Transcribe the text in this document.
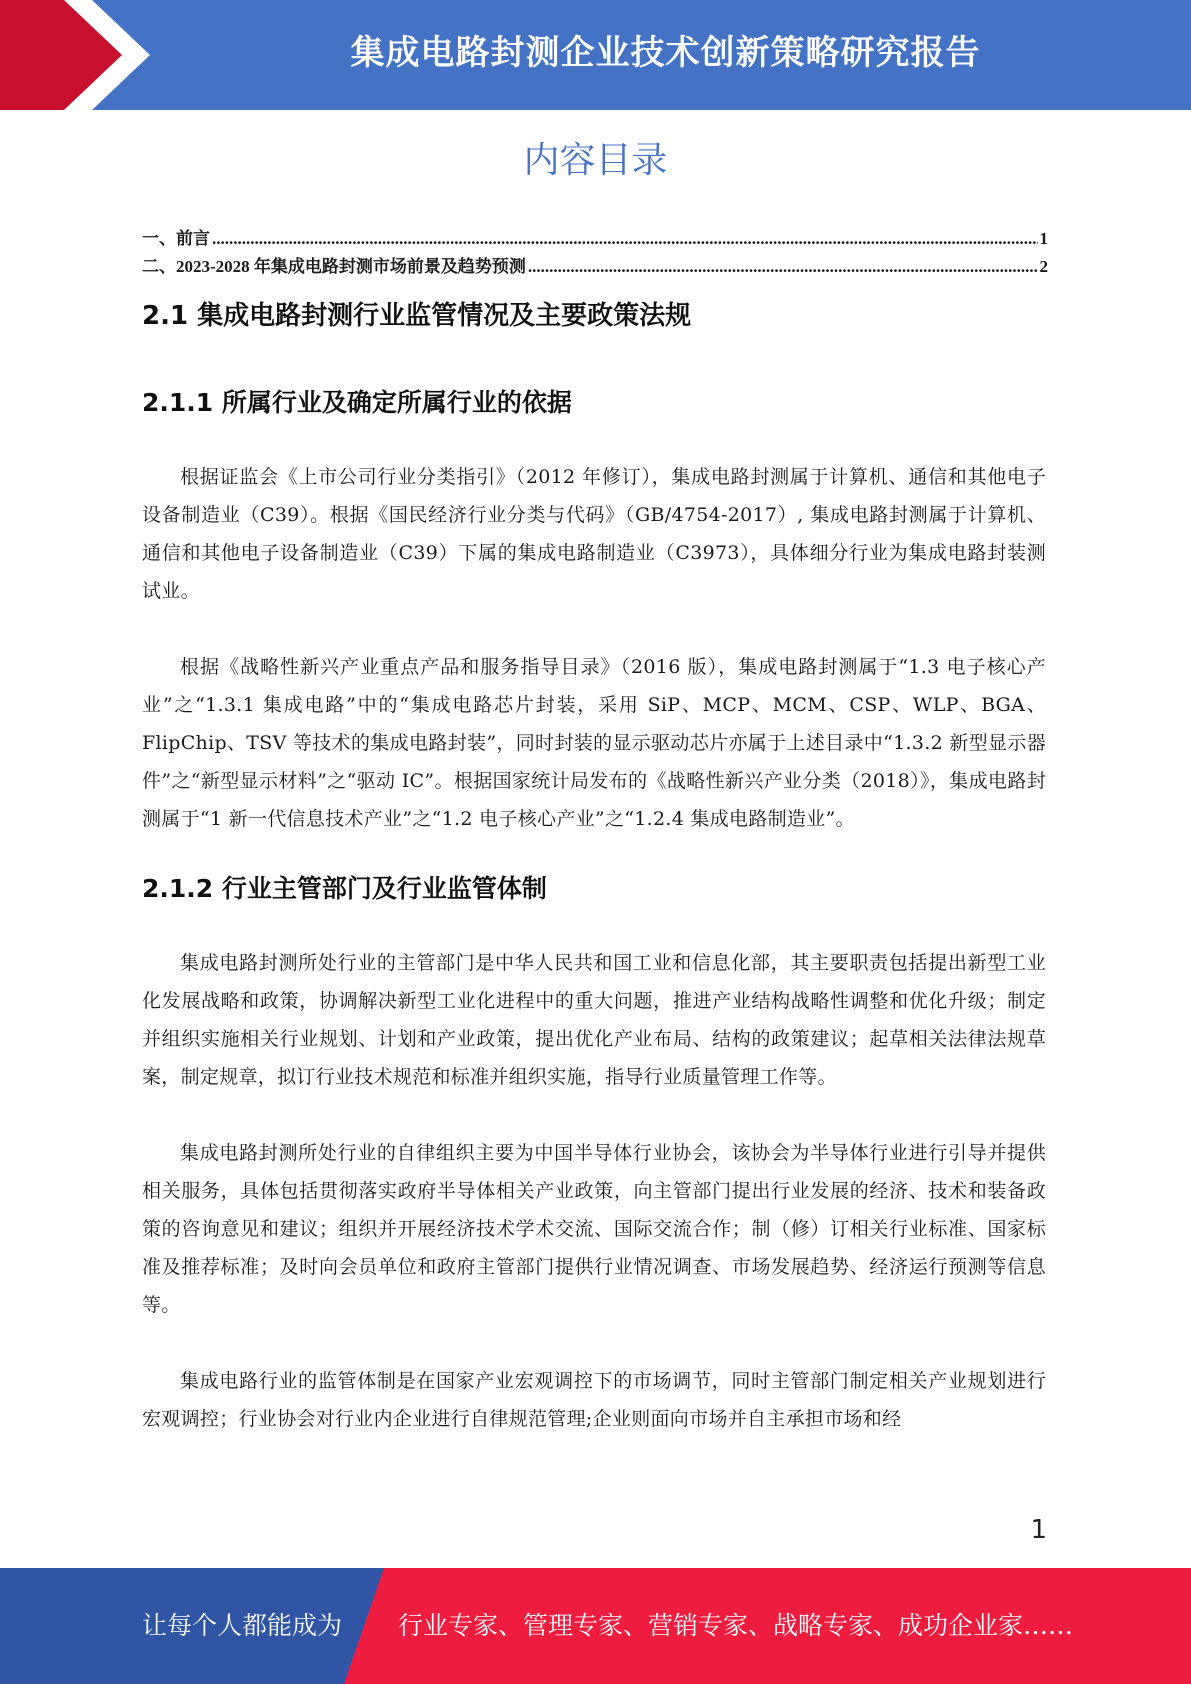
集成电路封测企业技术创新策略研究报告
内容目录
一、前言 .....	1
二、2023-2028 年集成电路封测市场前景及趋势预测 .....	2
2.1 集成电路封测行业监管情况及主要政策法规
2.1.1 所属行业及确定所属行业的依据

根据证监会《上市公司行业分类指引》（2012 年修订），集成电路封测属于计算机、通信和其他电子设备制造业（C39）。根据《国民经济行业分类与代码》（GB/4754-2017）, 集成电路封测属于计算机、通信和其他电子设备制造业（C39）下属的集成电路制造业（C3973），具体细分行业为集成电路封装测试业。

根据《战略性新兴产业重点产品和服务指导目录》（2016 版），集成电路封测属于“1.3 电子核心产业”之“1.3.1 集成电路”中的“集成电路芯片封装，采用 SiP、MCP、MCM、CSP、WLP、BGA、FlipChip、TSV 等技术的集成电路封装”，同时封装的显示驱动芯片亦属于上述目录中“1.3.2 新型显示器件”之“新型显示材料”之“驱动 IC”。根据国家统计局发布的《战略性新兴产业分类（2018）》，集成电路封测属于“1 新一代信息技术产业”之“1.2 电子核心产业”之“1.2.4 集成电路制造业”。

2.1.2 行业主管部门及行业监管体制

集成电路封测所处行业的主管部门是中华人民共和国工业和信息化部，其主要职责包括提出新型工业化发展战略和政策，协调解决新型工业化进程中的重大问题，推进产业结构战略性调整和优化升级；制定并组织实施相关行业规划、计划和产业政策，提出优化产业布局、结构的政策建议；起草相关法律法规草案，制定规章，拟订行业技术规范和标准并组织实施，指导行业质量管理工作等。

集成电路封测所处行业的自律组织主要为中国半导体行业协会，该协会为半导体行业进行引导并提供相关服务，具体包括贯彻落实政府半导体相关产业政策，向主管部门提出行业发展的经济、技术和装备政策的咨询意见和建议；组织并开展经济技术学术交流、国际交流合作；制（修）订相关行业标准、国家标准及推荐标准；及时向会员单位和政府主管部门提供行业情况调查、市场发展趋势、经济运行预测等信息等。

集成电路行业的监管体制是在国家产业宏观调控下的市场调节，同时主管部门制定相关产业规划进行宏观调控；行业协会对行业内企业进行自律规范管理;企业则面向市场并自主承担市场和经

1
让每个人都能成为 行业专家、管理专家、营销专家、战略专家、成功企业家……
